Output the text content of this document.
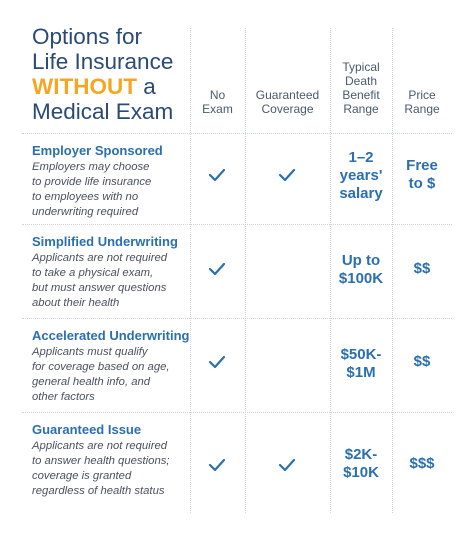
Options for
Life Insurance
WITHOUT a
Medical Exam
No
Exam
Guaranteed
Coverage
Typical
Death
Benefit
Range
Price
Range

Employer Sponsored

Employers may choose
to provide life insurance
to employees with no
underwriting required

1–2
years'
salary
Free
to $

Simplified Underwriting

Applicants are not required
to take a physical exam,
but must answer questions
about their health

Up to
$100K
$$

Accelerated Underwriting

Applicants must qualify
for coverage based on age,
general health info, and
other factors

$50K-
$1M
$$

Guaranteed Issue

Applicants are not required
to answer health questions;
coverage is granted
regardless of health status

$2K-
$10K
$$$
